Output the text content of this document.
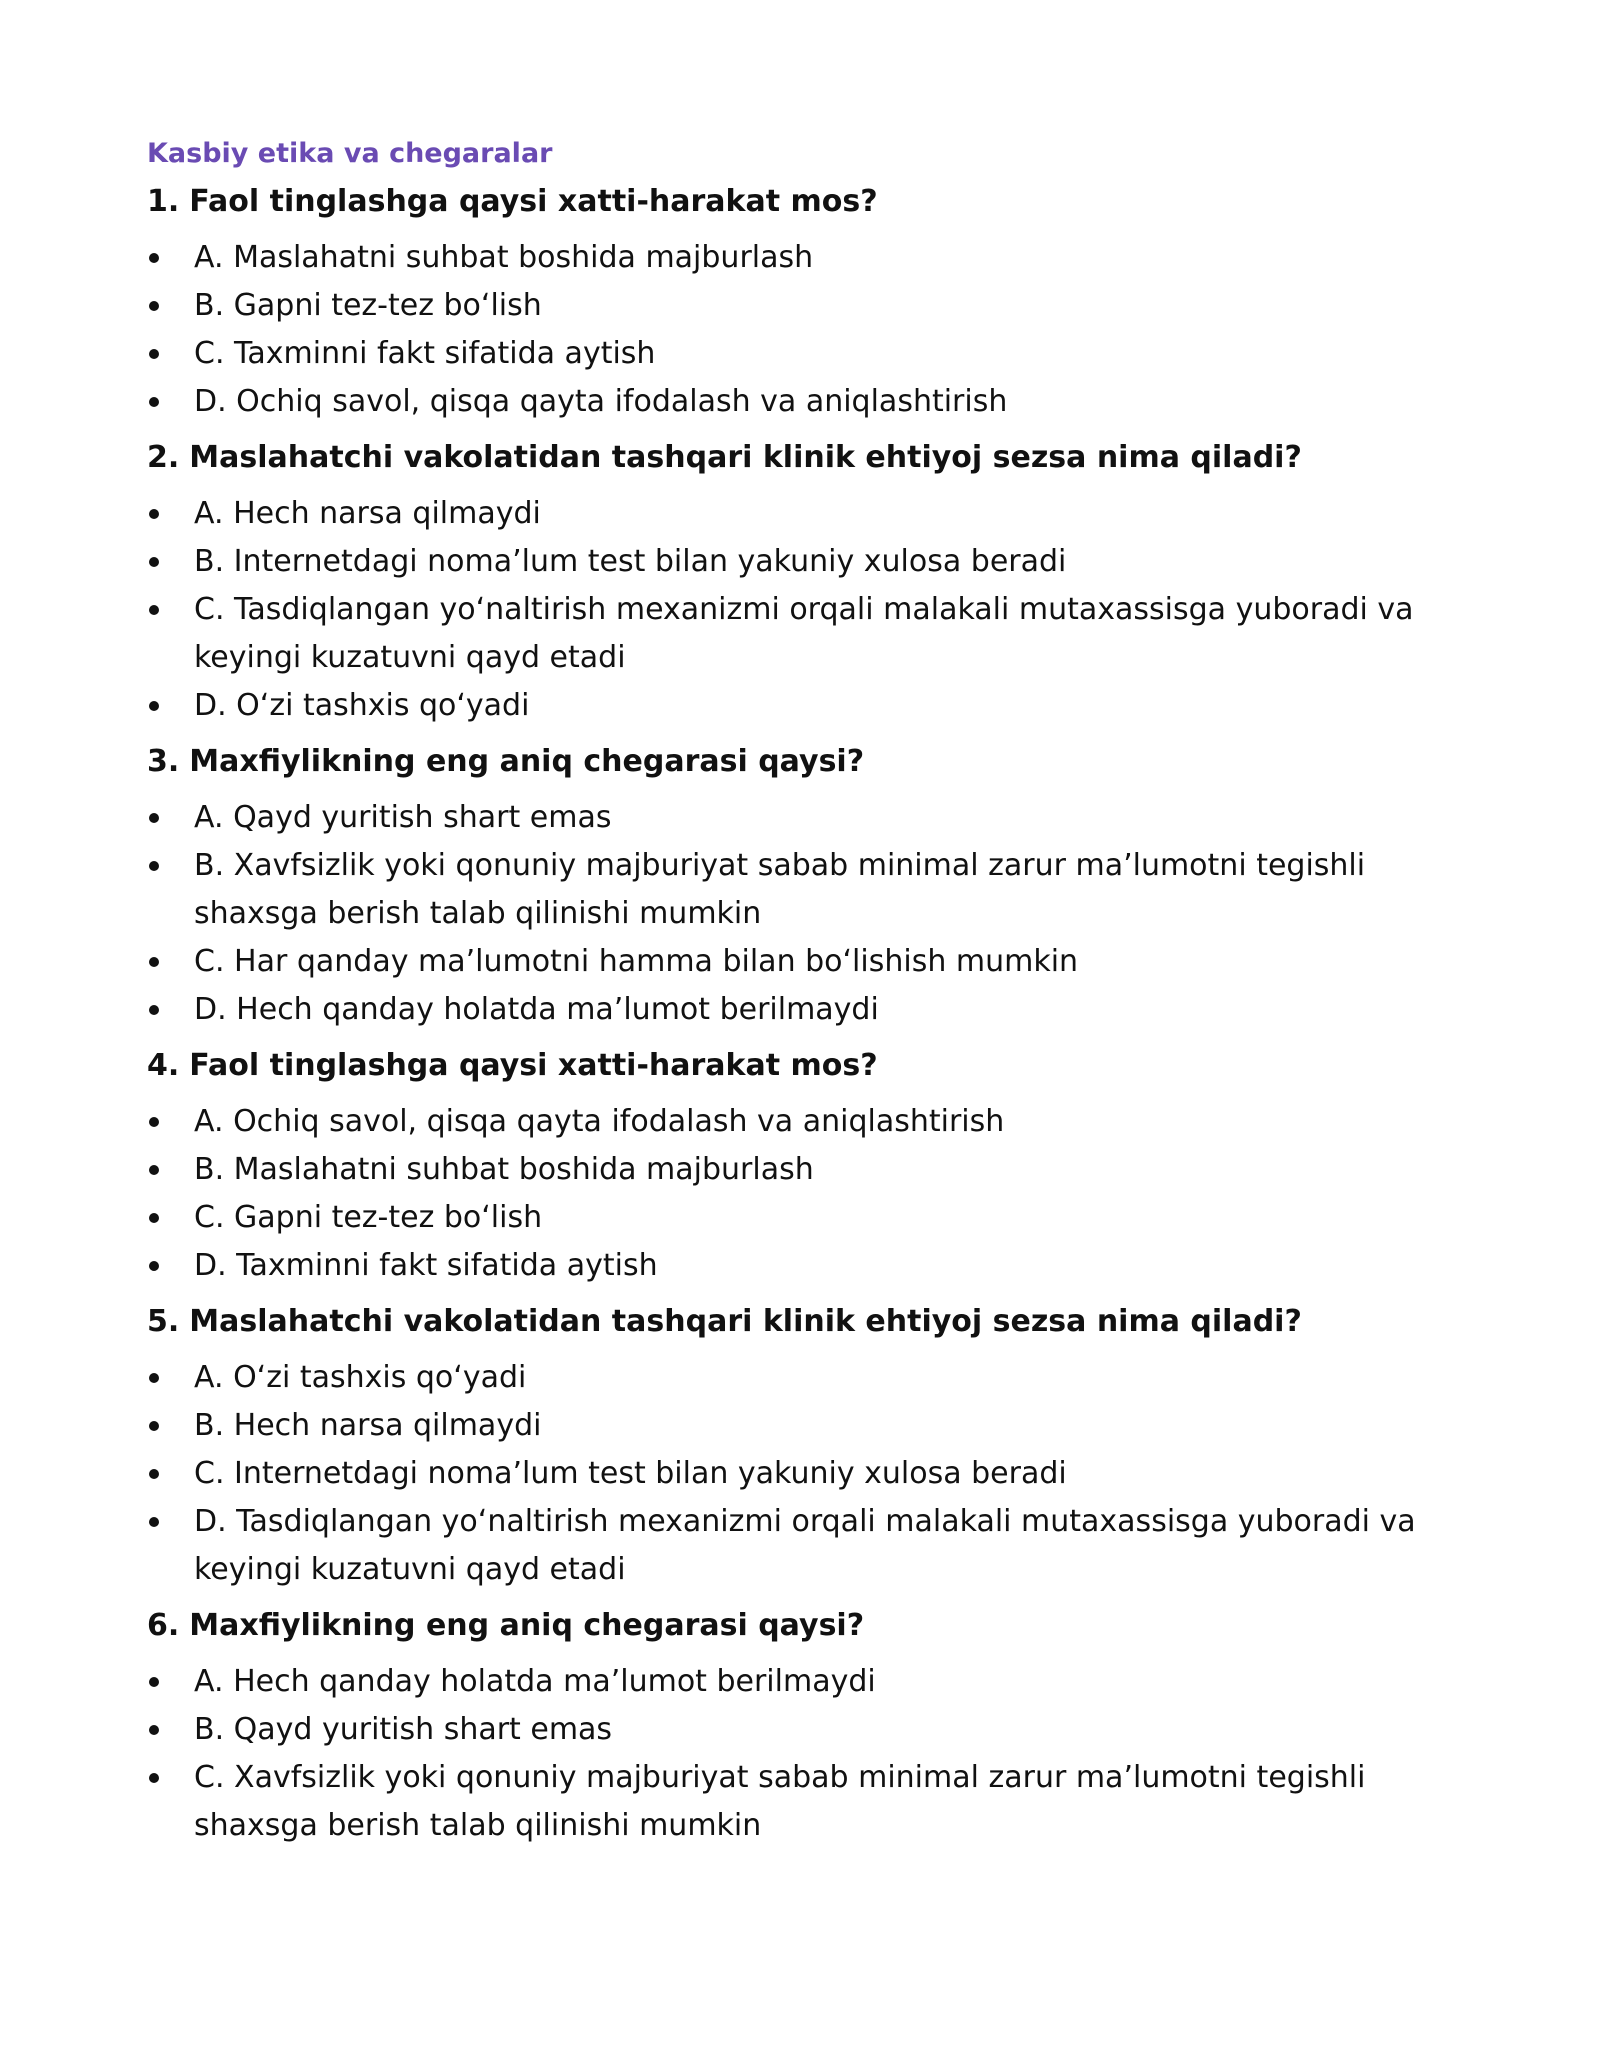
Kasbiy etika va chegaralar
1. Faol tinglashga qaysi xatti-harakat mos?
A. Maslahatni suhbat boshida majburlash
B. Gapni tez-tez bo‘lish
C. Taxminni fakt sifatida aytish
D. Ochiq savol, qisqa qayta ifodalash va aniqlashtirish
2. Maslahatchi vakolatidan tashqari klinik ehtiyoj sezsa nima qiladi?
A. Hech narsa qilmaydi
B. Internetdagi noma’lum test bilan yakuniy xulosa beradi
C. Tasdiqlangan yo‘naltirish mexanizmi orqali malakali mutaxassisga yuboradi va keyingi kuzatuvni qayd etadi
D. O‘zi tashxis qo‘yadi
3. Maxfiylikning eng aniq chegarasi qaysi?
A. Qayd yuritish shart emas
B. Xavfsizlik yoki qonuniy majburiyat sabab minimal zarur ma’lumotni tegishli shaxsga berish talab qilinishi mumkin
C. Har qanday ma’lumotni hamma bilan bo‘lishish mumkin
D. Hech qanday holatda ma’lumot berilmaydi
4. Faol tinglashga qaysi xatti-harakat mos?
A. Ochiq savol, qisqa qayta ifodalash va aniqlashtirish
B. Maslahatni suhbat boshida majburlash
C. Gapni tez-tez bo‘lish
D. Taxminni fakt sifatida aytish
5. Maslahatchi vakolatidan tashqari klinik ehtiyoj sezsa nima qiladi?
A. O‘zi tashxis qo‘yadi
B. Hech narsa qilmaydi
C. Internetdagi noma’lum test bilan yakuniy xulosa beradi
D. Tasdiqlangan yo‘naltirish mexanizmi orqali malakali mutaxassisga yuboradi va keyingi kuzatuvni qayd etadi
6. Maxfiylikning eng aniq chegarasi qaysi?
A. Hech qanday holatda ma’lumot berilmaydi
B. Qayd yuritish shart emas
C. Xavfsizlik yoki qonuniy majburiyat sabab minimal zarur ma’lumotni tegishli shaxsga berish talab qilinishi mumkin
